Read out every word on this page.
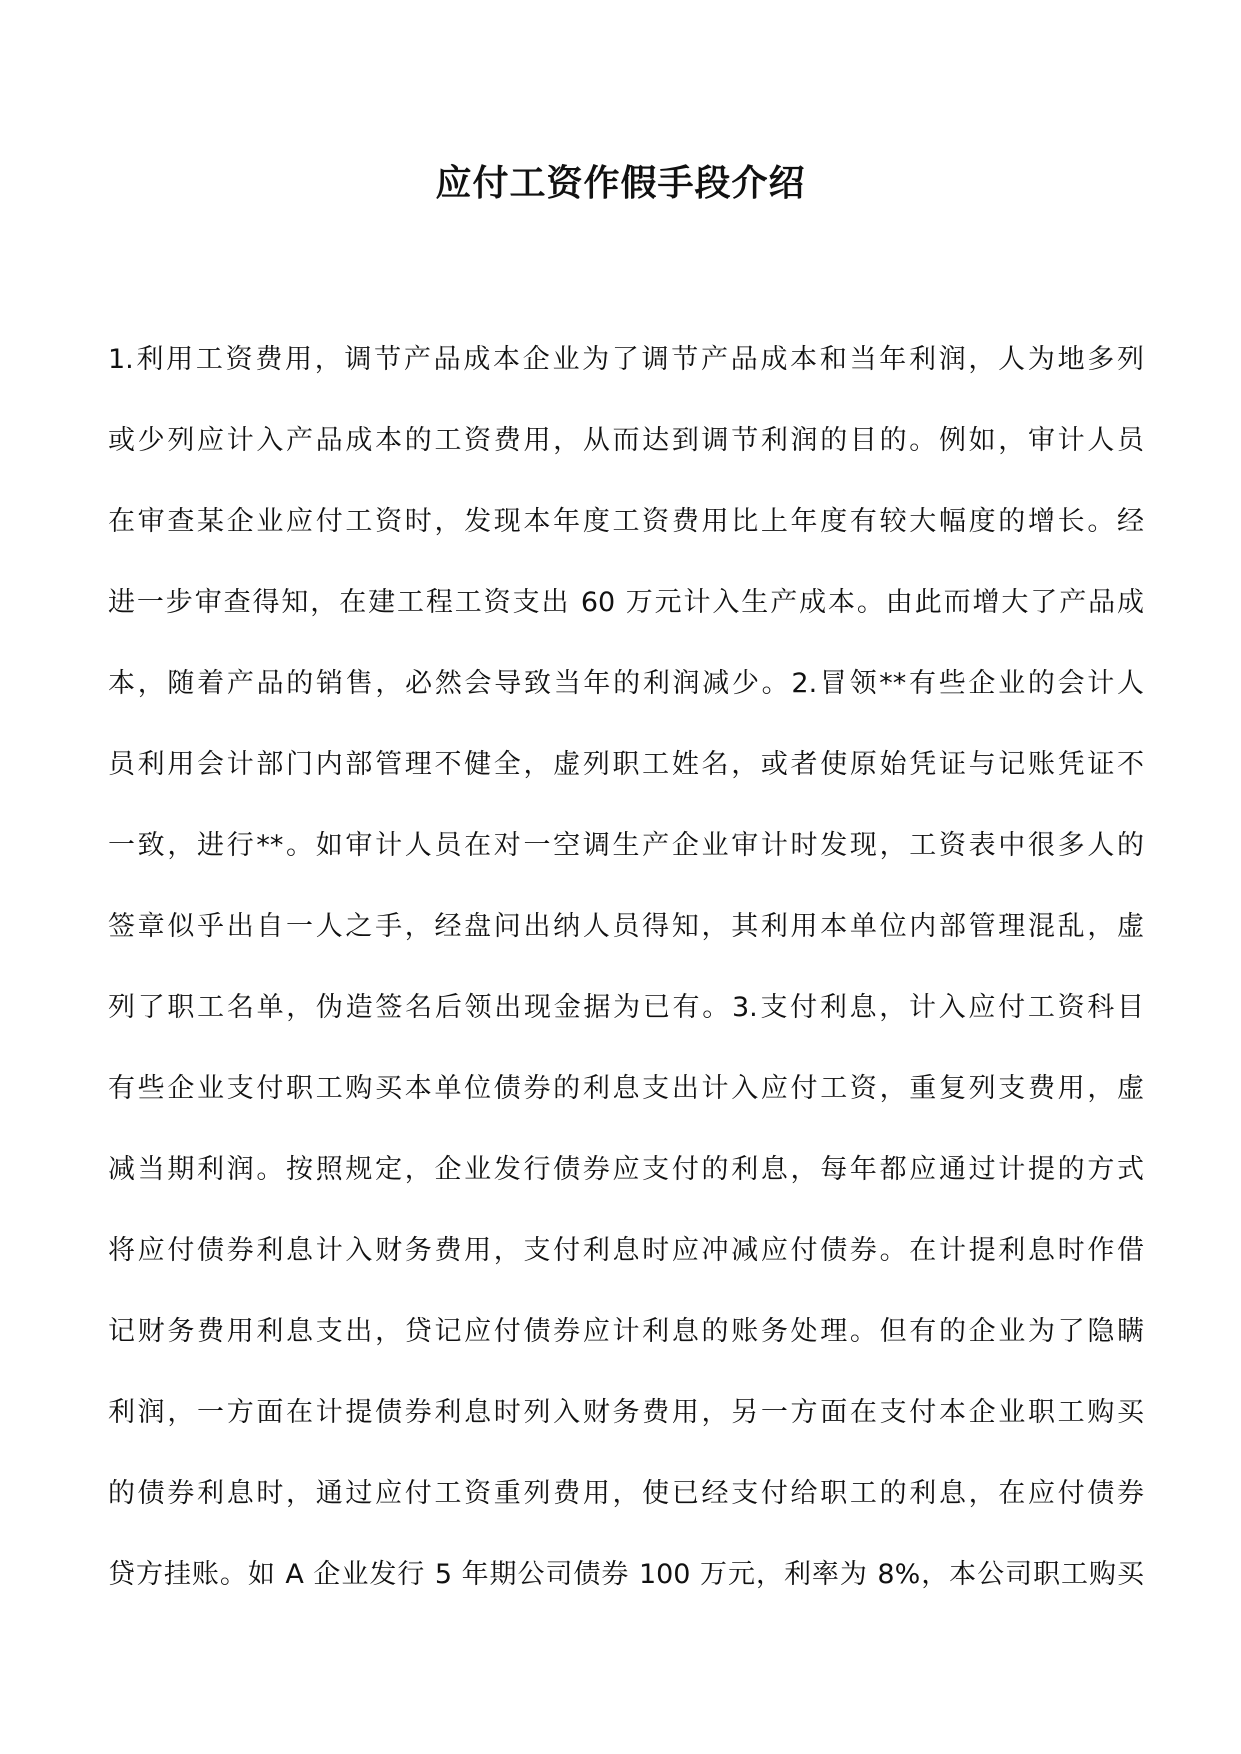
应付工资作假手段介绍
1.利用工资费用，调节产品成本企业为了调节产品成本和当年利润，人为地多列
或少列应计入产品成本的工资费用，从而达到调节利润的目的。例如，审计人员
在审查某企业应付工资时，发现本年度工资费用比上年度有较大幅度的增长。经
进一步审查得知，在建工程工资支出 60 万元计入生产成本。由此而增大了产品成
本，随着产品的销售，必然会导致当年的利润减少。2.冒领**有些企业的会计人
员利用会计部门内部管理不健全，虚列职工姓名，或者使原始凭证与记账凭证不
一致，进行**。如审计人员在对一空调生产企业审计时发现，工资表中很多人的
签章似乎出自一人之手，经盘问出纳人员得知，其利用本单位内部管理混乱，虚
列了职工名单，伪造签名后领出现金据为已有。3.支付利息，计入应付工资科目
有些企业支付职工购买本单位债券的利息支出计入应付工资，重复列支费用，虚
减当期利润。按照规定，企业发行债券应支付的利息，每年都应通过计提的方式
将应付债券利息计入财务费用，支付利息时应冲减应付债券。在计提利息时作借
记财务费用利息支出，贷记应付债券应计利息的账务处理。但有的企业为了隐瞒
利润，一方面在计提债券利息时列入财务费用，另一方面在支付本企业职工购买
的债券利息时，通过应付工资重列费用，使已经支付给职工的利息，在应付债券
贷方挂账。如 A 企业发行 5 年期公司债券 100 万元，利率为 8%，本公司职工购买
